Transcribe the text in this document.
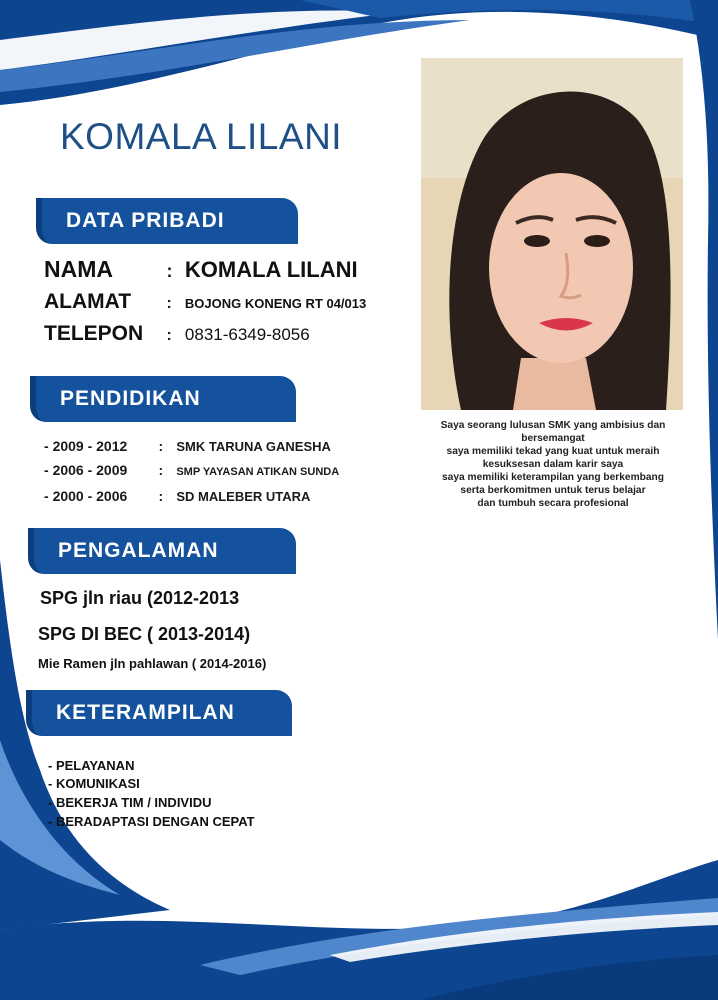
KOMALA LILANI
DATA PRIBADI
NAMA	: KOMALA LILANI
ALAMAT : BOJONG KONENG RT 04/013
TELEPON : 0831-6349-8056
PENDIDIKAN
- 2009 - 2012 : SMK TARUNA GANESHA
- 2006 - 2009 : SMP YAYASAN ATIKAN SUNDA
- 2000 - 2006 : SD MALEBER UTARA
PENGALAMAN
SPG jln riau (2012-2013
SPG DI BEC ( 2013-2014)
Mie Ramen jln pahlawan ( 2014-2016)
KETERAMPILAN
- PELAYANAN
- KOMUNIKASI
- BEKERJA TIM / INDIVIDU
- BERADAPTASI DENGAN CEPAT
Saya seorang lulusan SMK yang ambisius dan
bersemangat
saya memiliki tekad yang kuat untuk meraih
kesuksesan dalam karir saya
saya memiliki keterampilan yang berkembang
serta berkomitmen untuk terus belajar
dan tumbuh secara profesional
